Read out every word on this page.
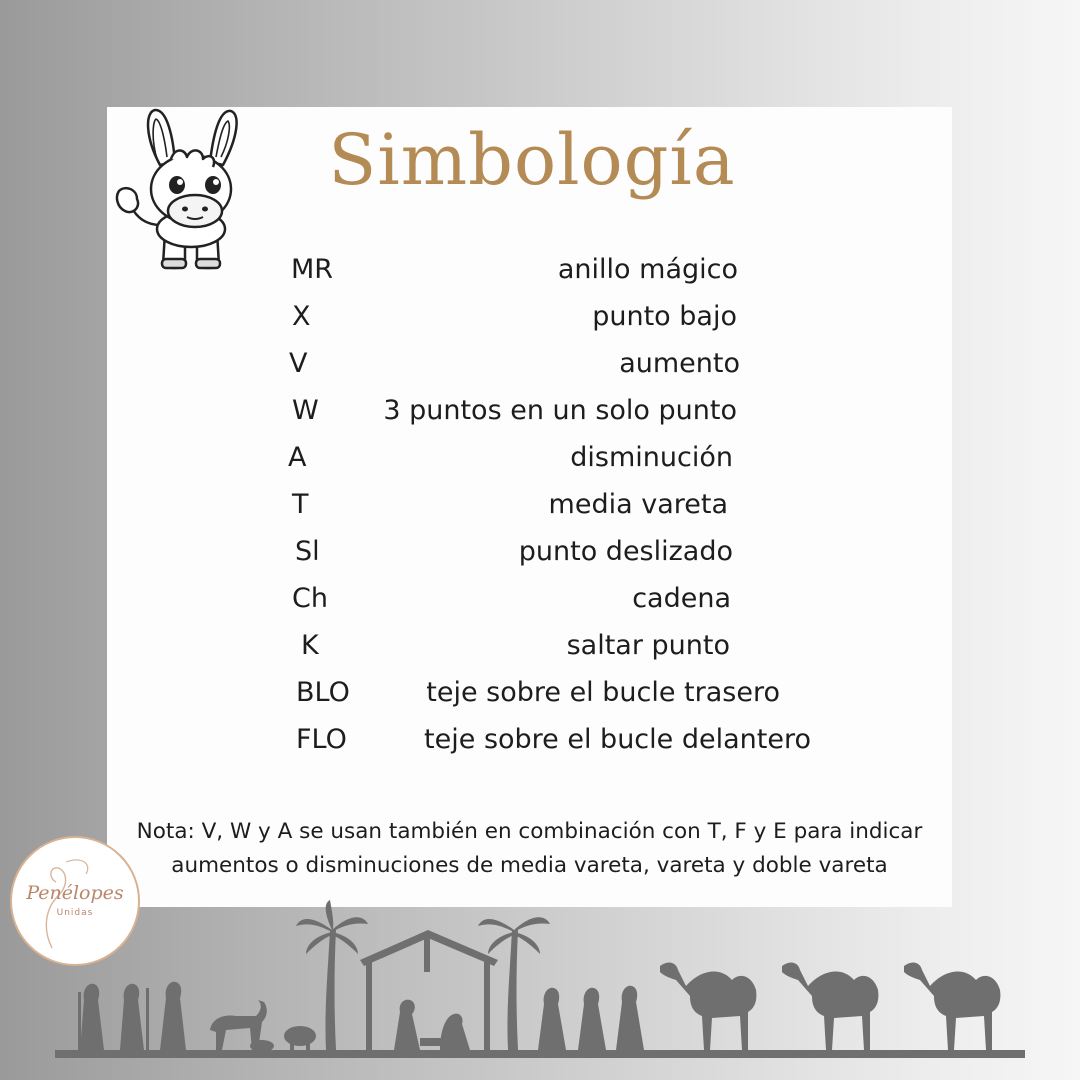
Simbología
MR	anillo mágico
X	punto bajo
V	aumento
W 3 puntos en un solo punto
A	disminución
T	media vareta
Sl	punto deslizado
Ch	cadena
K	saltar punto
BLO	teje sobre el bucle trasero
FLO	teje sobre el bucle delantero
Nota: V, W y A se usan también en combinación con T, F y E para indicar
aumentos o disminuciones de media vareta, vareta y doble vareta
Penélopes
Unidas
